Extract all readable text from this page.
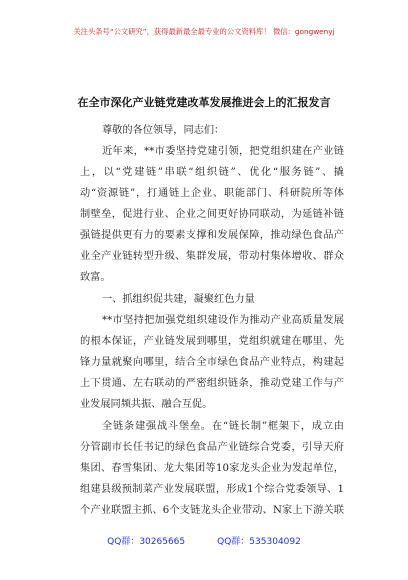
关注头条号“公文研究”，获得最新最全最专业的公文资料库！ 微信：gongwenyj
在全市深化产业链党建改革发展推进会上的汇报发言
尊敬的各位领导，同志们：
近年来，**市委坚持党建引领，把党组织建在产业链
上，以“党建链”串联“组织链”、优化“服务链”、撬
动“资源链”，打通链上企业、职能部门、科研院所等体
制壁垒，促进行业、企业之间更好协同联动，为延链补链
强链提供更有力的要素支撑和发展保障，推动绿色食品产
业全产业链转型升级、集群发展，带动村集体增收、群众
致富。
一、抓组织促共建，凝聚红色力量
**市坚持把加强党组织建设作为推动产业高质量发展
的根本保证，产业链发展到哪里，党组织就建在哪里、先
锋力量就聚向哪里，结合全市绿色食品产业特点，构建起
上下贯通、左右联动的严密组织链条，推动党建工作与产
业发展同频共振、融合互促。
全链条建强战斗堡垒。在“链长制”框架下，成立由
分管副市长任书记的绿色食品产业链综合党委，引导天府
集团、春雪集团、龙大集团等10家龙头企业为发起单位，
组建县级预制菜产业发展联盟，形成1个综合党委领导、1
个产业联盟主抓、6个支链龙头企业带动、N家上下游关联
QQ群：30265665	QQ群：535304092
